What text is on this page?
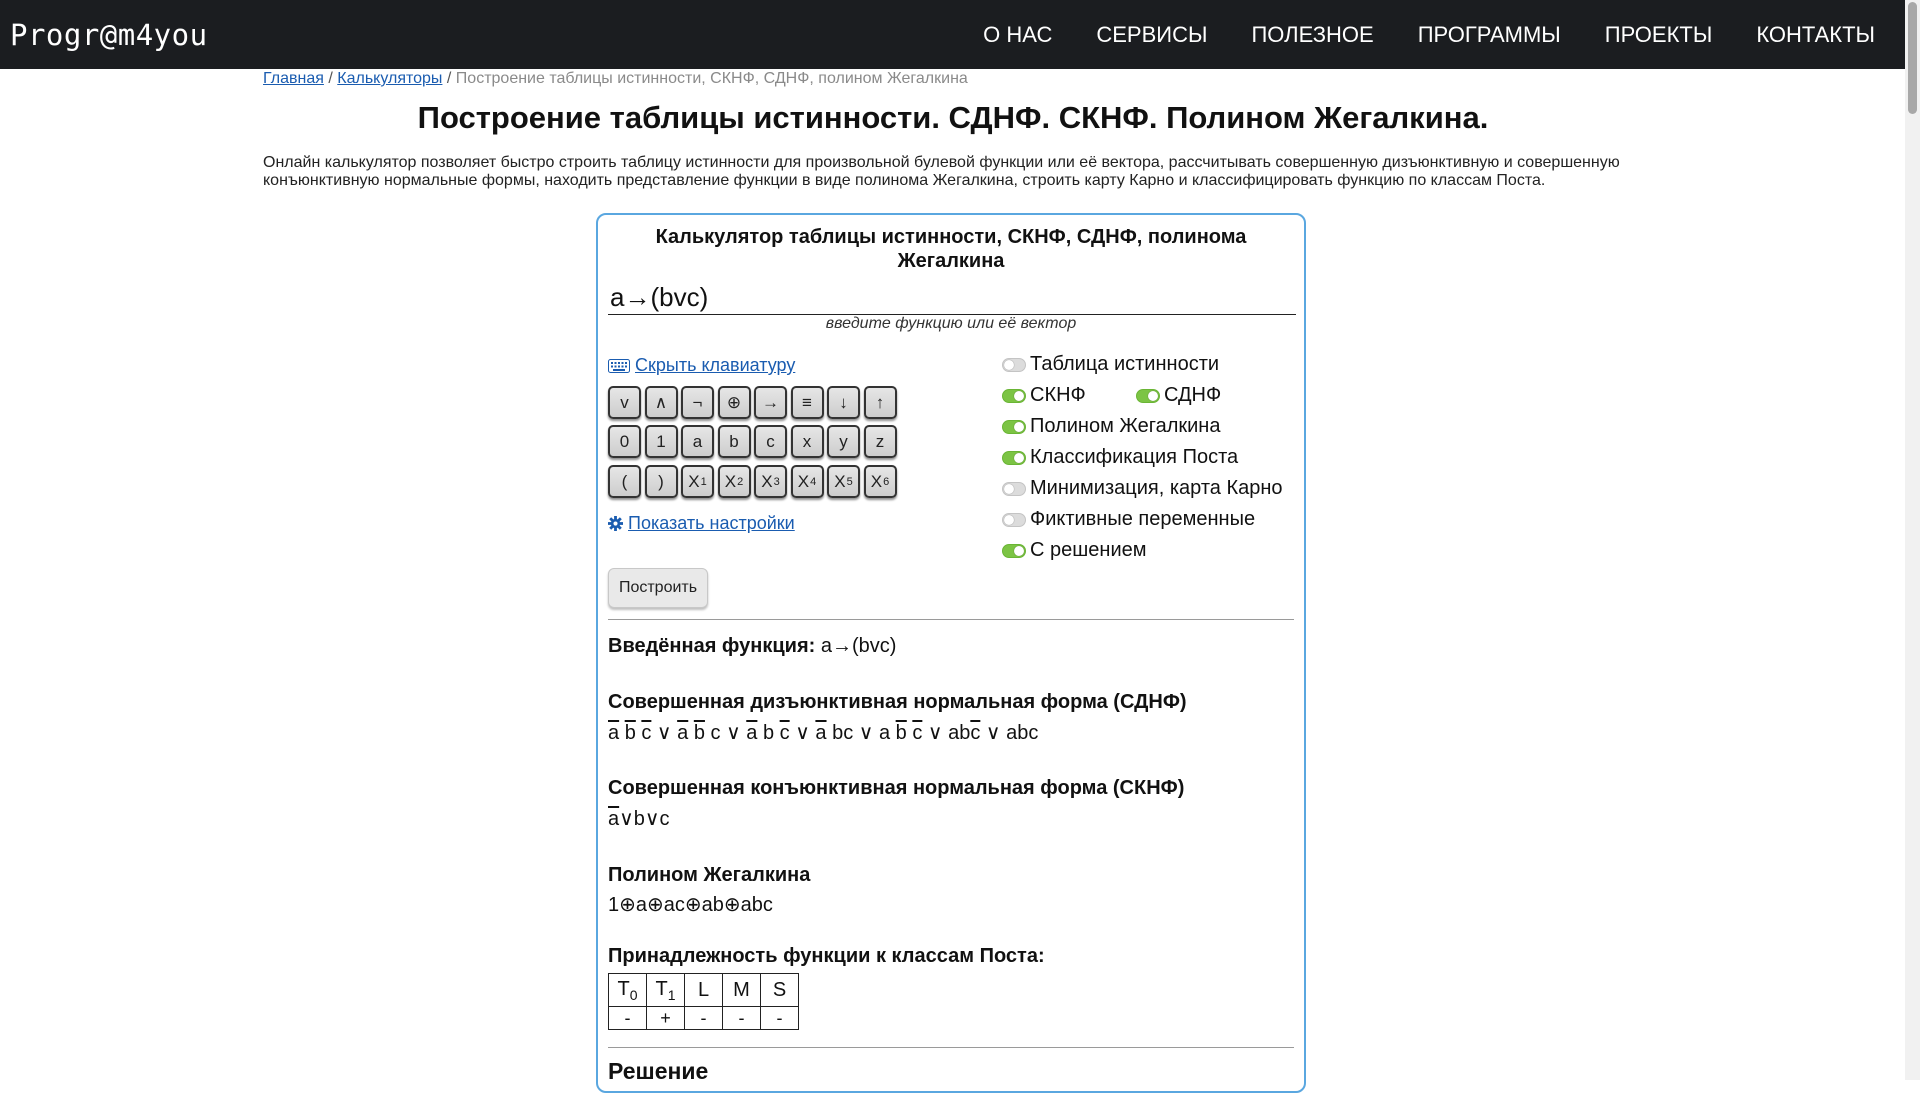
Progr@m4you	О НАС СЕРВИСЫ ПОЛЕЗНОЕ ПРОГРАММЫ ПРОЕКТЫ КОНТАКТЫ
Главная / Калькуляторы / Построение таблицы истинности, СКНФ, СДНФ, полином Жегалкина
Построение таблицы истинности. СДНФ. СКНФ. Полином Жегалкина.

Онлайн калькулятор позволяет быстро строить таблицу истинности для произвольной булевой функции или её вектора, рассчитывать совершенную дизъюнктивную и совершенную конъюнктивную нормальные формы, находить представление функции в виде полинома Жегалкина, строить карту Карно и классифицировать функцию по классам Поста.

Калькулятор таблицы истинности, СКНФ, СДНФ, полинома Жегалкина
a→(bvc)
введите функцию или её вектор
Скрыть клавиатуру
v	∧	¬	⊕	→	≡	↓	↑
0	1	a	b	c	x	y	z
(	)	X 1 X 2 X 3 X 4 X 5 X 6
Показать настройки
Построить
Таблица истинности
СКНФ	СДНФ
Полином Жегалкина
Классификация Поста
Минимизация, карта Карно
Фиктивные переменные
С решением
Введённая функция: a→(bvc)
Совершенная дизъюнктивная нормальная форма (СДНФ)
$\overline{a}$ $\overline{b}$ $\overline{c}$ ∨ $\overline{a}$ $\overline{b}$ c ∨ $\overline{a}$ b $\overline{c}$ ∨ $\overline{a}$ bc ∨ a $\overline{b}$ $\overline{c}$ ∨ $ab\overline{c}$ ∨ abc
Совершенная конъюнктивная нормальная форма (СКНФ)
$\overline{a}\vee b\vee c$
Полином Жегалкина
1⊕a⊕ac⊕ab⊕abc
Принадлежность функции к классам Поста:
$T_0$	$T_1$	L	M	S
-	+	-	-	-
Решение
